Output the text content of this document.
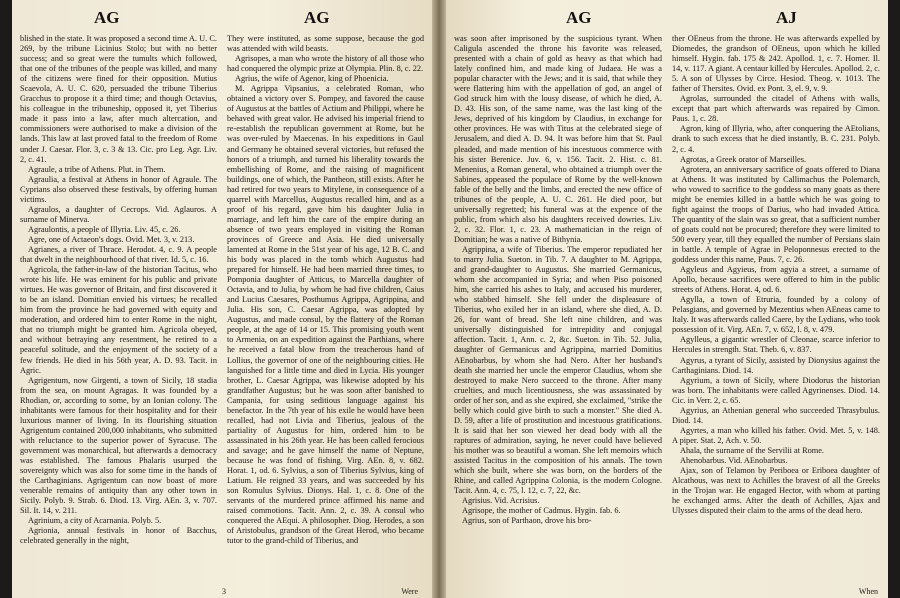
AG	AG

blished in the state. It was proposed a second time A. U. C. 269, by the tribune Licinius Stolo; but with no better success; and so great were the tumults which followed, that one of the tribunes of the people was killed, and many of the citizens were fined for their opposition. Mutius Scaevola, A. U. C. 620, persuaded the tribune Tiberius Gracchus to propose it a third time; and though Octavius, his colleague in the tribuneship, opposed it, yet Tiberius made it pass into a law, after much altercation, and commissioners were authorised to make a division of the lands. This law at last proved fatal to the freedom of Rome under J. Caesar. Flor. 3, c. 3 & 13. Cic. pro Leg. Agr. Liv. 2, c. 41.

Agraule, a tribe of Athens. Plut. in Them.

Agraulia, a festival at Athens in honor of Agraule. The Cyprians also observed these festivals, by offering human victims.

Agraulos, a daughter of Cecrops. Vid. Aglauros. A surname of Minerva.

Agraulontis, a people of Illyria. Liv. 45, c. 26.

Agre, one of Actaeon's dogs. Ovid. Met. 3, v. 213.

Agrianes, a river of Thrace. Herodot. 4, c. 9. A people that dwelt in the neighbourhood of that river. Id. 5, c. 16.

Agricola, the father-in-law of the historian Tacitus, who wrote his life. He was eminent for his public and private virtues. He was governor of Britain, and first discovered it to be an island. Domitian envied his virtues; he recalled him from the province he had governed with equity and moderation, and ordered him to enter Rome in the night, that no triumph might be granted him. Agricola obeyed, and without betraying any resentment, he retired to a peaceful solitude, and the enjoyment of the society of a few friends. He died in his 56th year, A. D. 93. Tacit. in Agric.

Agrigentum, now Girgenti, a town of Sicily, 18 stadia from the sea, on mount Agragas. It was founded by a Rhodian, or, according to some, by an Ionian colony. The inhabitants were famous for their hospitality and for their luxurious manner of living. In its flourishing situation Agrigentum contained 200,000 inhabitants, who submitted with reluctance to the superior power of Syracuse. The government was monarchical, but afterwards a democracy was established. The famous Phalaris usurped the sovereignty which was also for some time in the hands of the Carthaginians. Agrigentum can now boast of more venerable remains of antiquity than any other town in Sicily. Polyb. 9. Strab. 6. Diod. 13. Virg. AEn. 3, v. 707. Sil. It. 14, v. 211.

Agrinium, a city of Acarnania. Polyb. 5.

Agrionia, annual festivals in honor of Bacchus, celebrated generally in the night,

They were instituted, as some suppose, because the god was attended with wild beasts.

Agrisopes, a man who wrote the history of all those who had conquered the olympic prize at Olympia. Plin. 8, c. 22.

Agrius, the wife of Agenor, king of Phoenicia.

M. Agrippa Vipsanius, a celebrated Roman, who obtained a victory over S. Pompey, and favored the cause of Augustus at the battles of Actium and Philippi, where he behaved with great valor. He advised his imperial friend to re-establish the republican government at Rome, but he was over-ruled by Maecenas. In his expeditions in Gaul and Germany he obtained several victories, but refused the honors of a triumph, and turned his liberality towards the embellishing of Rome, and the raising of magnificent buildings, one of which, the Pantheon, still exists. After he had retired for two years to Mitylene, in consequence of a quarrel with Marcellus, Augustus recalled him, and as a proof of his regard, gave him his daughter Julia in marriage, and left him the care of the empire during an absence of two years employed in visiting the Roman provinces of Greece and Asia. He died universally lamented at Rome in the 51st year of his age, 12 B. C. and his body was placed in the tomb which Augustus had prepared for himself. He had been married three times, to Pomponia daughter of Atticus, to Marcella daughter of Octavia, and to Julia, by whom he had five children, Caius and Lucius Caesares, Posthumus Agrippa, Agrippina, and Julia. His son, C. Caesar Agrippa, was adopted by Augustus, and made consul, by the flattery of the Roman people, at the age of 14 or 15. This promising youth went to Armenia, on an expedition against the Parthians, where he received a fatal blow from the treacherous hand of Lollius, the governor of one of the neighbouring cities. He languished for a little time and died in Lycia. His younger brother, L. Caesar Agrippa, was likewise adopted by his grandfather Augustus; but he was soon after banished to Campania, for using seditious language against his benefactor. In the 7th year of his exile he would have been recalled, had not Livia and Tiberius, jealous of the partiality of Augustus for him, ordered him to be assassinated in his 26th year. He has been called ferocious and savage; and he gave himself the name of Neptune, because he was fond of fishing. Virg. AEn. 8, v. 682. Horat. 1, od. 6. Sylvius, a son of Tiberius Sylvius, king of Latium. He reigned 33 years, and was succeeded by his son Romulus Sylvius. Dionys. Hal. 1, c. 8. One of the servants of the murdered prince affirmed his name and raised commotions. Tacit. Ann. 2, c. 39. A consul who conquered the AEqui. A philosopher. Diog. Herodes, a son of Aristobulus, grandson of the Great Herod, who became tutor to the grand-child of Tiberius, and

3	Were
AG	AJ

was soon after imprisoned by the suspicious tyrant. When Caligula ascended the throne his favorite was released, presented with a chain of gold as heavy as that which had lately confined him, and made king of Judaea. He was a popular character with the Jews; and it is said, that while they were flattering him with the appellation of god, an angel of God struck him with the lousy disease, of which he died, A. D. 43. His son, of the same name, was the last king of the Jews, deprived of his kingdom by Claudius, in exchange for other provinces. He was with Titus at the celebrated siege of Jerusalem, and died A. D. 94. It was before him that St. Paul pleaded, and made mention of his incestuous commerce with his sister Berenice. Juv. 6, v. 156. Tacit. 2. Hist. c. 81. Menenius, a Roman general, who obtained a triumph over the Sabines, appeased the populace of Rome by the well-known fable of the belly and the limbs, and erected the new office of tribunes of the people, A. U. C. 261. He died poor, but universally regretted; his funeral was at the expence of the public, from which also his daughters received dowries. Liv. 2, c. 32. Flor. 1, c. 23. A mathematician in the reign of Domitian; he was a native of Bithynia.

Agrippina, a wife of Tiberius. The emperor repudiated her to marry Julia. Sueton. in Tib. 7. A daughter to M. Agrippa, and grand-daughter to Augustus. She married Germanicus, whom she accompanied in Syria; and when Piso poisoned him, she carried his ashes to Italy, and accused his murderer, who stabbed himself. She fell under the displeasure of Tiberius, who exiled her in an island, where she died, A. D. 26, for want of bread. She left nine children, and was universally distinguished for intrepidity and conjugal affection. Tacit. 1, Ann. c. 2, &c. Sueton. in Tib. 52. Julia, daughter of Germanicus and Agrippina, married Domitius AEnobarbus, by whom she had Nero. After her husband's death she married her uncle the emperor Claudius, whom she destroyed to make Nero succeed to the throne. After many cruelties, and much licentiousness, she was assassinated by order of her son, and as she expired, she exclaimed, "strike the belly which could give birth to such a monster." She died A. D. 59, after a life of prostitution and incestuous gratifications. It is said that her son viewed her dead body with all the raptures of admiration, saying, he never could have believed his mother was so beautiful a woman. She left memoirs which assisted Tacitus in the composition of his annals. The town which she built, where she was born, on the borders of the Rhine, and called Agrippina Colonia, is the modern Cologne. Tacit. Ann. 4, c. 75, l. 12, c. 7, 22, &c.

Agrisius. Vid. Acrisius.

Agrisope, the mother of Cadmus. Hygin. fab. 6.

Agrius, son of Parthaon, drove his bro-

ther OEneus from the throne. He was afterwards expelled by Diomedes, the grandson of OEneus, upon which he killed himself. Hygin. fab. 175 & 242. Apollod. 1, c. 7. Homer. Il. 14, v. 117. A giant. A centaur killed by Hercules. Apollod. 2, c. 5. A son of Ulysses by Circe. Hesiod. Theog. v. 1013. The father of Thersites. Ovid. ex Pont. 3, el. 9, v. 9.

Agrolas, surrounded the citadel of Athens with walls, except that part which afterwards was repaired by Cimon. Paus. 1, c. 28.

Agron, king of Illyria, who, after conquering the AEtolians, drank to such excess that he died instantly, B. C. 231. Polyb. 2, c. 4.

Agrotas, a Greek orator of Marseilles.

Agrotera, an anniversary sacrifice of goats offered to Diana at Athens. It was instituted by Callimachus the Polemarch, who vowed to sacrifice to the goddess so many goats as there might be enemies killed in a battle which he was going to fight against the troops of Darius, who had invaded Attica. The quantity of the slain was so great, that a sufficient number of goats could not be procured; therefore they were limited to 500 every year, till they equalled the number of Persians slain in battle. A temple of Agrae in Peloponnesus erected to the goddess under this name, Paus. 7, c. 26.

Agyleus and Agyieus, from agyia a street, a surname of Apollo, because sacrifices were offered to him in the public streets of Athens. Horat. 4, od. 6.

Agylla, a town of Etruria, founded by a colony of Pelasgians, and governed by Mezentius when AEneas came to Italy. It was afterwards called Caere, by the Lydians, who took possession of it. Virg. AEn. 7, v. 652, l. 8, v. 479.

Agylleus, a gigantic wrestler of Cleonae, scarce inferior to Hercules in strength. Stat. Theb. 6, v. 837.

Agyrus, a tyrant of Sicily, assisted by Dionysius against the Carthaginians. Diod. 14.

Agyrium, a town of Sicily, where Diodorus the historian was born. The inhabitants were called Agyrinenses. Diod. 14. Cic. in Verr. 2, c. 65.

Agyrius, an Athenian general who succeeded Thrasybulus. Diod. 14.

Agyrtes, a man who killed his father. Ovid. Met. 5, v. 148. A piper. Stat. 2, Ach. v. 50.

Ahala, the surname of the Servilii at Rome.

Ahenobarbus. Vid. AEnobarbus.

Ajax, son of Telamon by Periboea or Eriboea daughter of Alcathous, was next to Achilles the bravest of all the Greeks in the Trojan war. He engaged Hector, with whom at parting he exchanged arms. After the death of Achilles, Ajax and Ulysses disputed their claim to the arms of the dead hero.

When
